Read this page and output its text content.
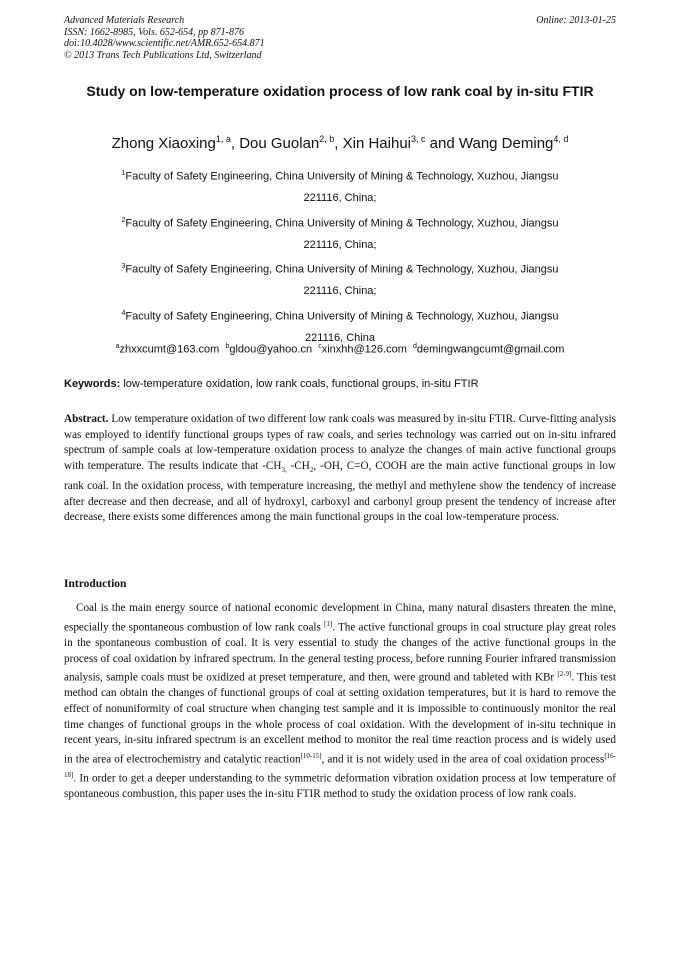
Advanced Materials Research
ISSN: 1662-8985, Vols. 652-654, pp 871-876
doi:10.4028/www.scientific.net/AMR.652-654.871
© 2013 Trans Tech Publications Ltd, Switzerland
Online: 2013-01-25
Study on low-temperature oxidation process of low rank coal by in-situ FTIR
Zhong Xiaoxing$^{1, a}$, Dou Guolan$^{2, b}$, Xin Haihui$^{3, c}$ and Wang Deming$^{4, d}$
$^1$Faculty of Safety Engineering, China University of Mining & Technology, Xuzhou, Jiangsu
221116, China;
$^2$Faculty of Safety Engineering, China University of Mining & Technology, Xuzhou, Jiangsu
221116, China;
$^3$Faculty of Safety Engineering, China University of Mining & Technology, Xuzhou, Jiangsu
221116, China;
$^4$Faculty of Safety Engineering, China University of Mining & Technology, Xuzhou, Jiangsu
221116, China
$^a$zhxxcumt@163.com $^b$gldou@yahoo.cn $^c$xinxhh@126.com $^d$demingwangcumt@gmail.com
Keywords: low-temperature oxidation, low rank coals, functional groups, in-situ FTIR
Abstract. Low temperature oxidation of two different low rank coals was measured by in-situ FTIR. Curve-fitting analysis was employed to identify functional groups types of raw coals, and series technology was carried out on in-situ infrared spectrum of sample coals at low-temperature oxidation process to analyze the changes of main active functional groups with temperature. The results indicate that $-CH_{3,}$ $-CH_2$, -OH, C=O, COOH are the main active functional groups in low rank coal. In the oxidation process, with temperature increasing, the methyl and methylene show the tendency of increase after decrease and then decrease, and all of hydroxyl, carboxyl and carbonyl group present the tendency of increase after decrease, there exists some differences among the main functional groups in the coal low-temperature process.
Introduction
Coal is the main energy source of national economic development in China, many natural disasters threaten the mine, especially the spontaneous combustion of low rank coals [1]. The active functional groups in coal structure play great roles in the spontaneous combustion of coal. It is very essential to study the changes of the active functional groups in the process of coal oxidation by infrared spectrum. In the general testing process, before running Fourier infrared transmission analysis, sample coals must be oxidized at preset temperature, and then, were ground and tableted with KBr [2-9]. This test method can obtain the changes of functional groups of coal at setting oxidation temperatures, but it is hard to remove the effect of nonuniformity of coal structure when changing test sample and it is impossible to continuously monitor the real time changes of functional groups in the whole process of coal oxidation. With the development of in-situ technique in recent years, in-situ infrared spectrum is an excellent method to monitor the real time reaction process and is widely used in the area of electrochemistry and catalytic reaction[10-15], and it is not widely used in the area of coal oxidation process[16-18]. In order to get a deeper understanding to the symmetric deformation vibration oxidation process at low temperature of spontaneous combustion, this paper uses the in-situ FTIR method to study the oxidation process of low rank coals.
